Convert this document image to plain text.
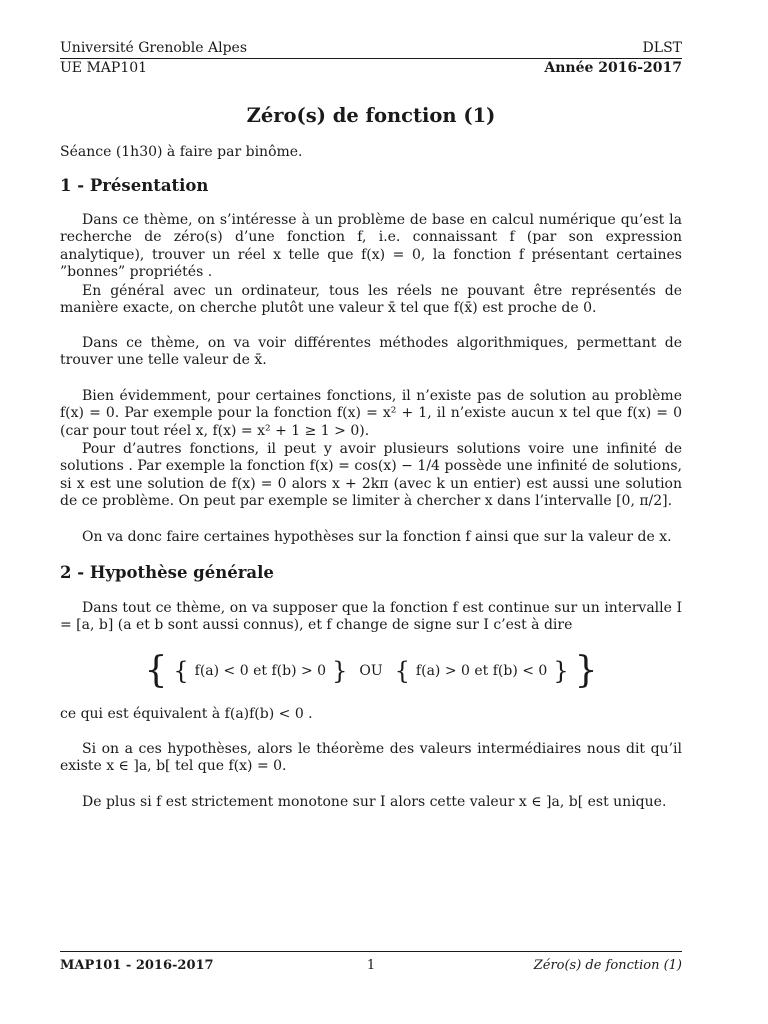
Université Grenoble Alpes	DLST
UE MAP101	Année 2016-2017
Zéro(s) de fonction (1)
Séance (1h30) à faire par binôme.
1 - Présentation

Dans ce thème, on s’intéresse à un problème de base en calcul numérique qu’est la recherche de zéro(s) d’une fonction f, i.e. connaissant f (par son expression analytique), trouver un réel x telle que f(x) = 0, la fonction f présentant certaines ”bonnes” propriétés .

En général avec un ordinateur, tous les réels ne pouvant être représentés de manière exacte, on cherche plutôt une valeur x̄ tel que f(x̄) est proche de 0.

Dans ce thème, on va voir différentes méthodes algorithmiques, permettant de trouver une telle valeur de x̄.

Bien évidemment, pour certaines fonctions, il n’existe pas de solution au problème f(x) = 0. Par exemple pour la fonction f(x) = x² + 1, il n’existe aucun x tel que f(x) = 0 (car pour tout réel x, f(x) = x² + 1 ≥ 1 > 0).

Pour d’autres fonctions, il peut y avoir plusieurs solutions voire une infinité de solutions . Par exemple la fonction f(x) = cos(x) − 1/4 possède une infinité de solutions, si x est une solution de f(x) = 0 alors x + 2kπ (avec k un entier) est aussi une solution de ce problème. On peut par exemple se limiter à chercher x dans l’intervalle [0, π/2].

On va donc faire certaines hypothèses sur la fonction f ainsi que sur la valeur de x.

2 - Hypothèse générale

Dans tout ce thème, on va supposer que la fonction f est continue sur un intervalle I = [a, b] (a et b sont aussi connus), et f change de signe sur I c’est à dire

{ { f(a) < 0 et f(b) > 0 } OU { f(a) > 0 et f(b) < 0 } }

ce qui est équivalent à f(a)f(b) < 0 .

Si on a ces hypothèses, alors le théorème des valeurs intermédiaires nous dit qu’il existe x ∈ ]a, b[ tel que f(x) = 0.

De plus si f est strictement monotone sur I alors cette valeur x ∈ ]a, b[ est unique.

MAP101 - 2016-2017	1	Zéro(s) de fonction (1)
